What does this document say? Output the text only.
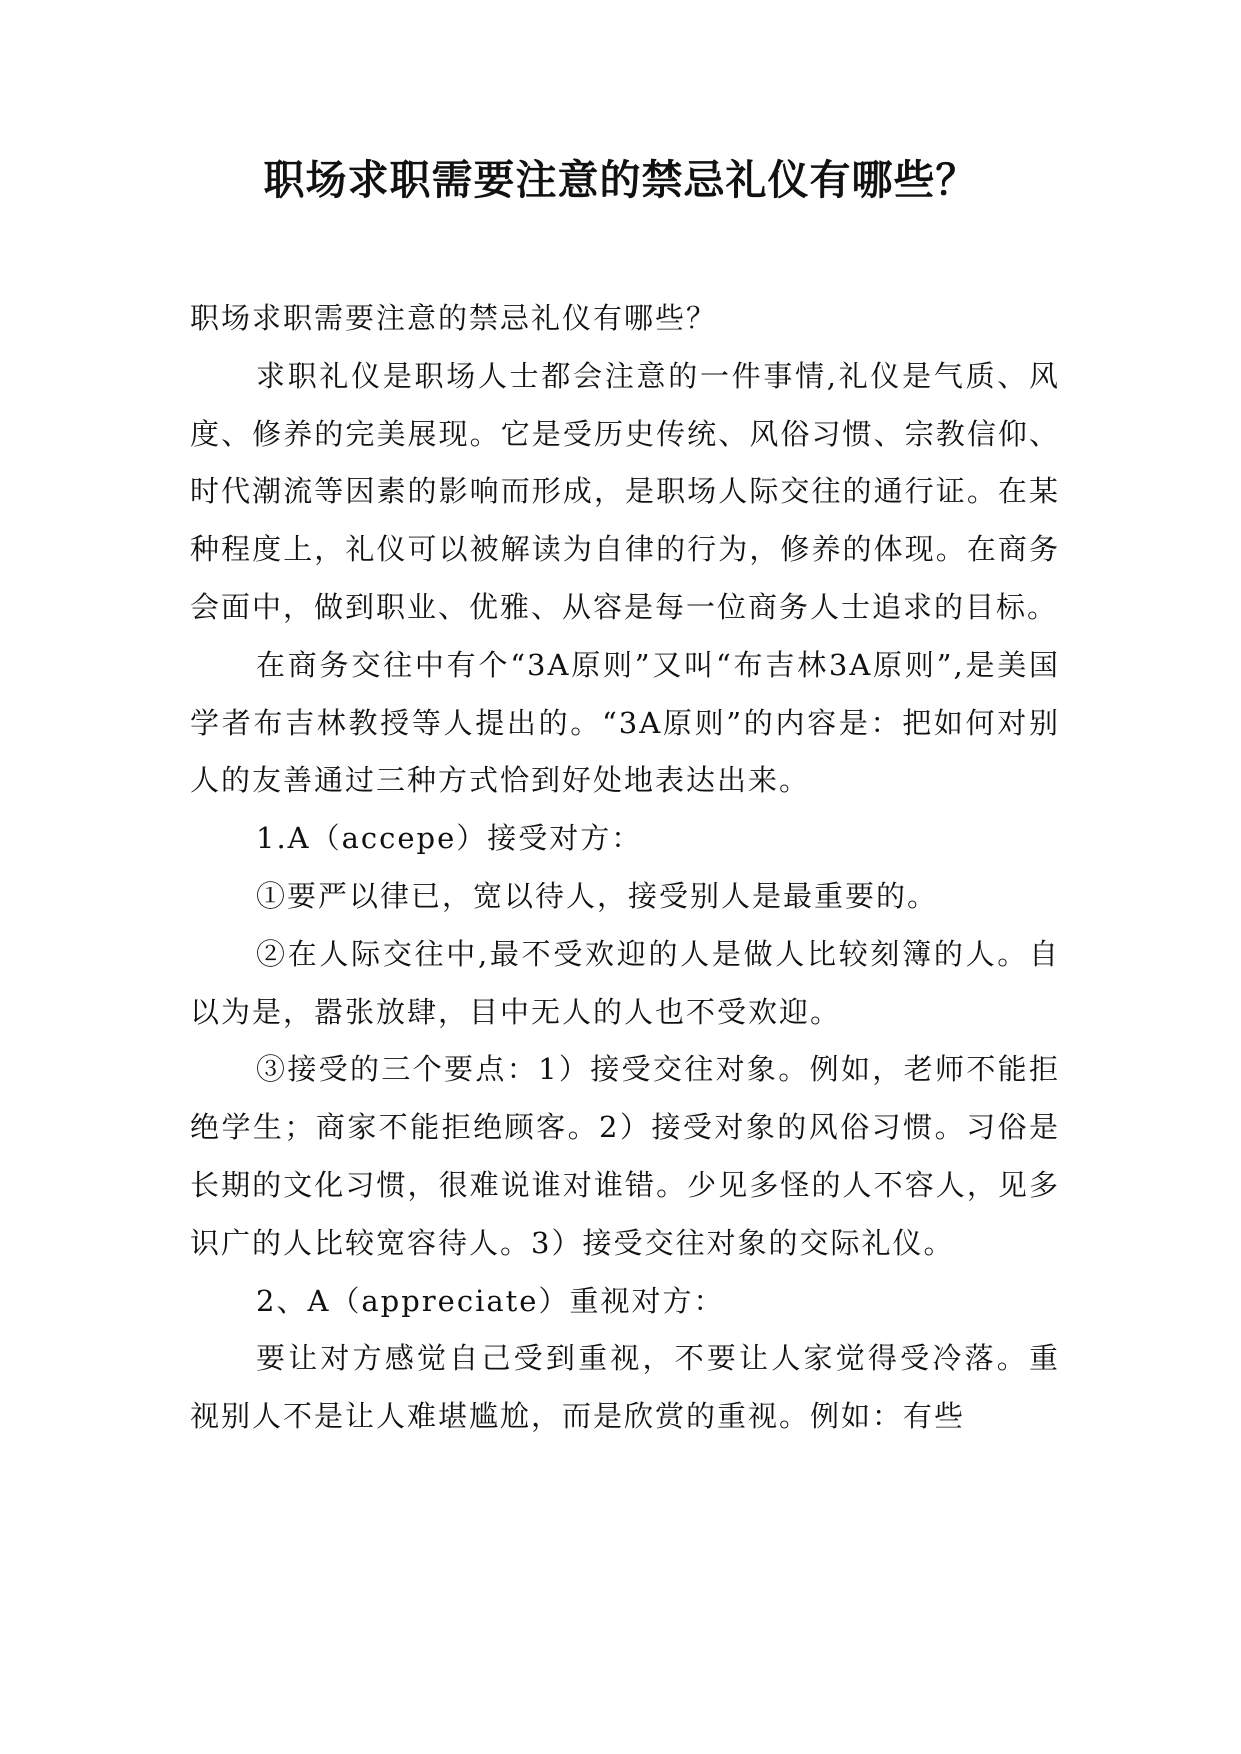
职场求职需要注意的禁忌礼仪有哪些？

职场求职需要注意的禁忌礼仪有哪些？

求职礼仪是职场人士都会注意的一件事情,礼仪是气质、风度、修养的完美展现。它是受历史传统、风俗习惯、宗教信仰、时代潮流等因素的影响而形成，是职场人际交往的通行证。在某种程度上，礼仪可以被解读为自律的行为，修养的体现。在商务会面中，做到职业、优雅、从容是每一位商务人士追求的目标。

在商务交往中有个“3A原则”又叫“布吉林3A原则”,是美国学者布吉林教授等人提出的。“3A原则”的内容是：把如何对别人的友善通过三种方式恰到好处地表达出来。

1.A（accepe）接受对方：

①要严以律已，宽以待人，接受别人是最重要的。

②在人际交往中,最不受欢迎的人是做人比较刻簿的人。自以为是，嚣张放肆，目中无人的人也不受欢迎。

③接受的三个要点：1）接受交往对象。例如，老师不能拒绝学生；商家不能拒绝顾客。2）接受对象的风俗习惯。习俗是长期的文化习惯，很难说谁对谁错。少见多怪的人不容人，见多识广的人比较宽容待人。3）接受交往对象的交际礼仪。

2、A（appreciate）重视对方：

要让对方感觉自己受到重视，不要让人家觉得受冷落。重视别人不是让人难堪尴尬，而是欣赏的重视。例如：有些
